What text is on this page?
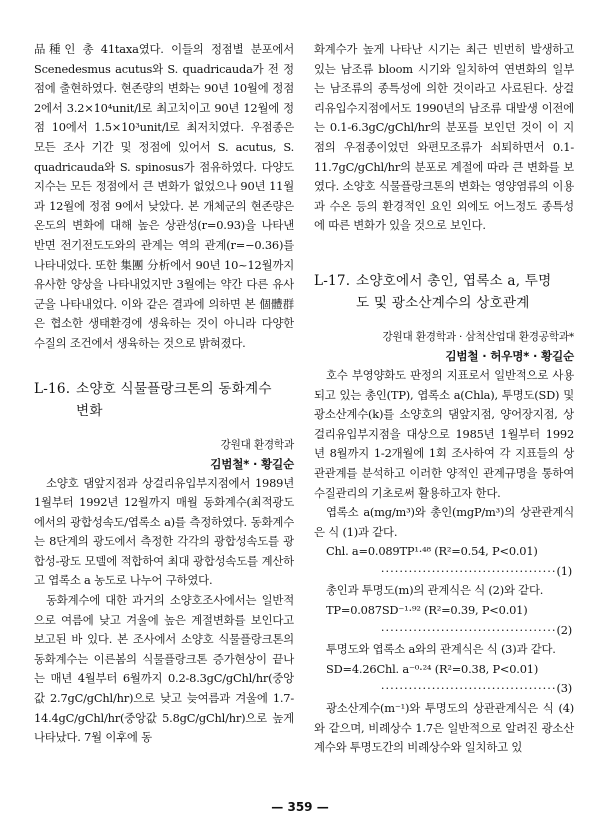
品種인 총 41taxa였다. 이들의 정점별 분포에서 Scenedesmus acutus와 S. quadricauda가 전 정점에 출현하였다. 현존량의 변화는 90년 10월에 정점 2에서 3.2×10⁴unit/l로 최고치이고 90년 12월에 정점 10에서 1.5×10³unit/l로 최저치였다. 우점종은 모든 조사 기간 및 정점에 있어서 S. acutus, S. quadricauda와 S. spinosus가 점유하였다. 다양도 지수는 모든 정점에서 큰 변화가 없었으나 90년 11월과 12월에 정점 9에서 낮았다. 본 개체군의 현존량은 온도의 변화에 대해 높은 상관성(r=0.93)을 나타낸 반면 전기전도도와의 관계는 역의 관계(r=−0.36)를 나타내었다. 또한 集團 分析에서 90년 10~12월까지 유사한 양상을 나타내었지만 3월에는 약간 다른 유사군을 나타내었다. 이와 같은 결과에 의하면 본 個體群은 협소한 생태환경에 생육하는 것이 아니라 다양한 수질의 조건에서 생육하는 것으로 밝혀졌다.

L-16. 소양호 식물플랑크톤의 동화계수
변화

강원대 환경학과

김범철* · 황길순

소양호 댐앞지점과 상걸리유입부지점에서 1989년 1월부터 1992년 12월까지 매월 동화계수(최적광도에서의 광합성속도/엽록소 a)를 측정하였다. 동화계수는 8단계의 광도에서 측정한 각각의 광합성속도를 광합성-광도 모델에 적합하여 최대 광합성속도를 계산하고 엽록소 a 농도로 나누어 구하였다.

동화계수에 대한 과거의 소양호조사에서는 일반적으로 여름에 낮고 겨울에 높은 계절변화를 보인다고 보고된 바 있다. 본 조사에서 소양호 식물플랑크톤의 동화계수는 이른봄의 식물플랑크톤 증가현상이 끝나는 매년 4월부터 6월까지 0.2-8.3gC/gChl/hr(중앙값 2.7gC/gChl/hr)으로 낮고 늦여름과 겨울에 1.7-14.4gC/gChl/hr(중앙값 5.8gC/gChl/hr)으로 높게 나타났다. 7월 이후에 동

화계수가 높게 나타난 시기는 최근 빈번히 발생하고 있는 남조류 bloom 시기와 일치하여 연변화의 일부는 남조류의 종특성에 의한 것이라고 사료된다. 상걸리유입수지점에서도 1990년의 남조류 대발생 이전에는 0.1-6.3gC/gChl/hr의 분포를 보인던 것이 이 지점의 우점종이었던 와편모조류가 쇠퇴하면서 0.1-11.7gC/gChl/hr의 분포로 계절에 따라 큰 변화를 보였다. 소양호 식물플랑크톤의 변화는 영양염류의 이용과 수온 등의 환경적인 요인 외에도 어느정도 종특성에 따른 변화가 있을 것으로 보인다.

L-17. 소양호에서 총인, 엽록소 a, 투명
도 및 광소산계수의 상호관계

강원대 환경학과 · 삼척산업대 환경공학과*

김범철 · 허우명* · 황길순

호수 부영양화도 판정의 지표로서 일반적으로 사용되고 있는 총인(TP), 엽록소 a(Chla), 투명도(SD) 및 광소산계수(k)를 소양호의 댐앞지점, 양어장지점, 상걸리유입부지점을 대상으로 1985년 1월부터 1992년 8월까지 1-2개월에 1회 조사하여 각 지표들의 상관관계를 분석하고 이러한 양적인 관계규명을 통하여 수질관리의 기초로써 활용하고자 한다.

엽록소 a(mg/m³)와 총인(mgP/m³)의 상관관계식은 식 (1)과 같다.

Chl. a=0.089TP¹·⁴⁸ (R²=0.54, P<0.01)

······································(1)

총인과 투명도(m)의 관계식은 식 (2)와 같다.

TP=0.087SD⁻¹·⁹² (R²=0.39, P<0.01)

······································(2)

투명도와 엽록소 a와의 관계식은 식 (3)과 같다.

SD=4.26Chl. a⁻⁰·²⁴ (R²=0.38, P<0.01)

······································(3)

광소산계수(m⁻¹)와 투명도의 상관관계식은 식 (4)와 같으며, 비례상수 1.7은 일반적으로 알려진 광소산계수와 투명도간의 비례상수와 일치하고 있

— 359 —
